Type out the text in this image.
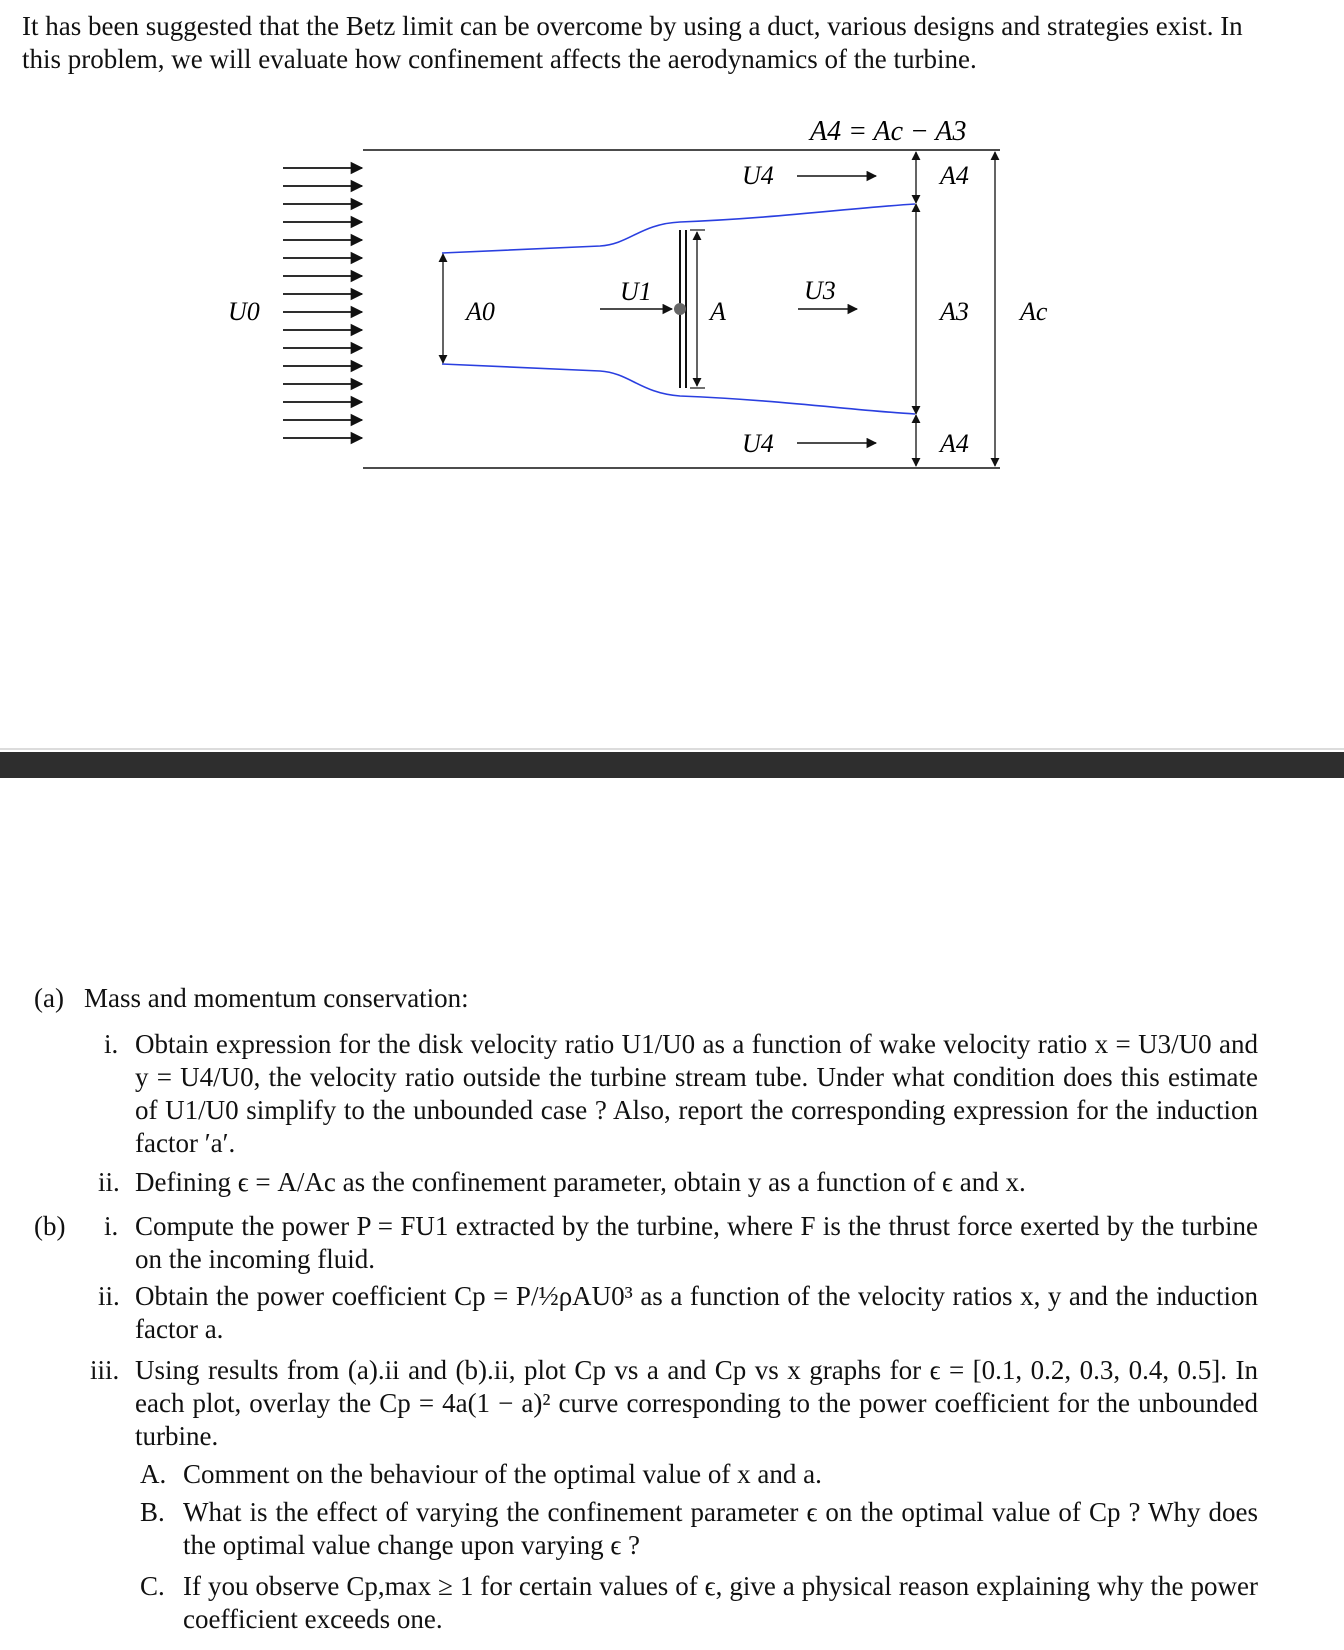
It has been suggested that the Betz limit can be overcome by using a duct, various designs and strategies exist. In this problem, we will evaluate how confinement affects the aerodynamics of the turbine.
A4 = Ac − A3
U0	A0
U1
A
U3
U4
U4
A4
A3
A4
Ac
(a) Mass and momentum conservation:
i. Obtain expression for the disk velocity ratio U1/U0 as a function of wake velocity ratio x = U3/U0 and y = U4/U0, the velocity ratio outside the turbine stream tube. Under what condition does this estimate of U1/U0 simplify to the unbounded case ? Also, report the corresponding expression for the induction factor ′a′.
ii. Defining ϵ = A/Ac as the confinement parameter, obtain y as a function of ϵ and x.
(b) i. Compute the power P = FU1 extracted by the turbine, where F is the thrust force exerted by the turbine on the incoming fluid.
ii. Obtain the power coefficient Cp = P/½ρAU0³ as a function of the velocity ratios x, y and the induction factor a.
iii. Using results from (a).ii and (b).ii, plot Cp vs a and Cp vs x graphs for ϵ = [0.1, 0.2, 0.3, 0.4, 0.5]. In each plot, overlay the Cp = 4a(1 − a)² curve corresponding to the power coefficient for the unbounded turbine.
A. Comment on the behaviour of the optimal value of x and a.
B. What is the effect of varying the confinement parameter ϵ on the optimal value of Cp ? Why does the optimal value change upon varying ϵ ?
C. If you observe Cp,max ≥ 1 for certain values of ϵ, give a physical reason explaining why the power coefficient exceeds one.
